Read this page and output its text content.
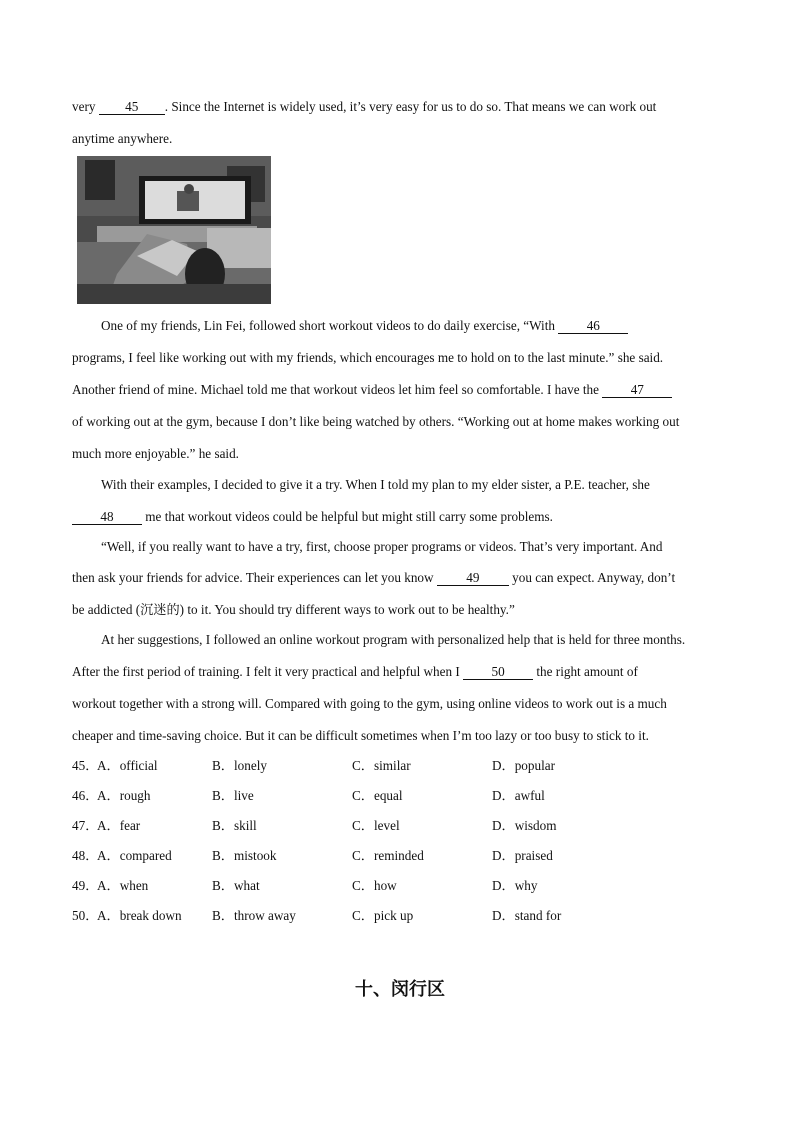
very 45 . Since the Internet is widely used, it’s very easy for us to do so. That means we can work out
anytime anywhere.
One of my friends, Lin Fei, followed short workout videos to do daily exercise, “With 46
programs, I feel like working out with my friends, which encourages me to hold on to the last minute.” she said.
Another friend of mine. Michael told me that workout videos let him feel so comfortable. I have the 47
of working out at the gym, because I don’t like being watched by others. “Working out at home makes working out
much more enjoyable.” he said.
With their examples, I decided to give it a try. When I told my plan to my elder sister, a P.E. teacher, she
48 me that workout videos could be helpful but might still carry some problems.
“Well, if you really want to have a try, first, choose proper programs or videos. That’s very important. And
then ask your friends for advice. Their experiences can let you know 49 you can expect. Anyway, don’t
be addicted (沉迷的) to it. You should try different ways to work out to be healthy.”
At her suggestions, I followed an online workout program with personalized help that is held for three months.
After the first period of training. I felt it very practical and helpful when I 50 the right amount of
workout together with a strong will. Compared with going to the gym, using online videos to work out is a much
cheaper and time-saving choice. But it can be difficult sometimes when I’m too lazy or too busy to stick to it.
45．
A．official	B．lonely	C．similar	D．popular
46．
A．rough	B．live	C．equal	D．awful
47．
A．fear	B．skill	C．level	D．wisdom
48．
A．compared	B．mistook	C．reminded	D．praised
49．
A．when	B．what	C．how	D．why
50．
A．break down B．throw away	C．pick up	D．stand for
十、闵行区
